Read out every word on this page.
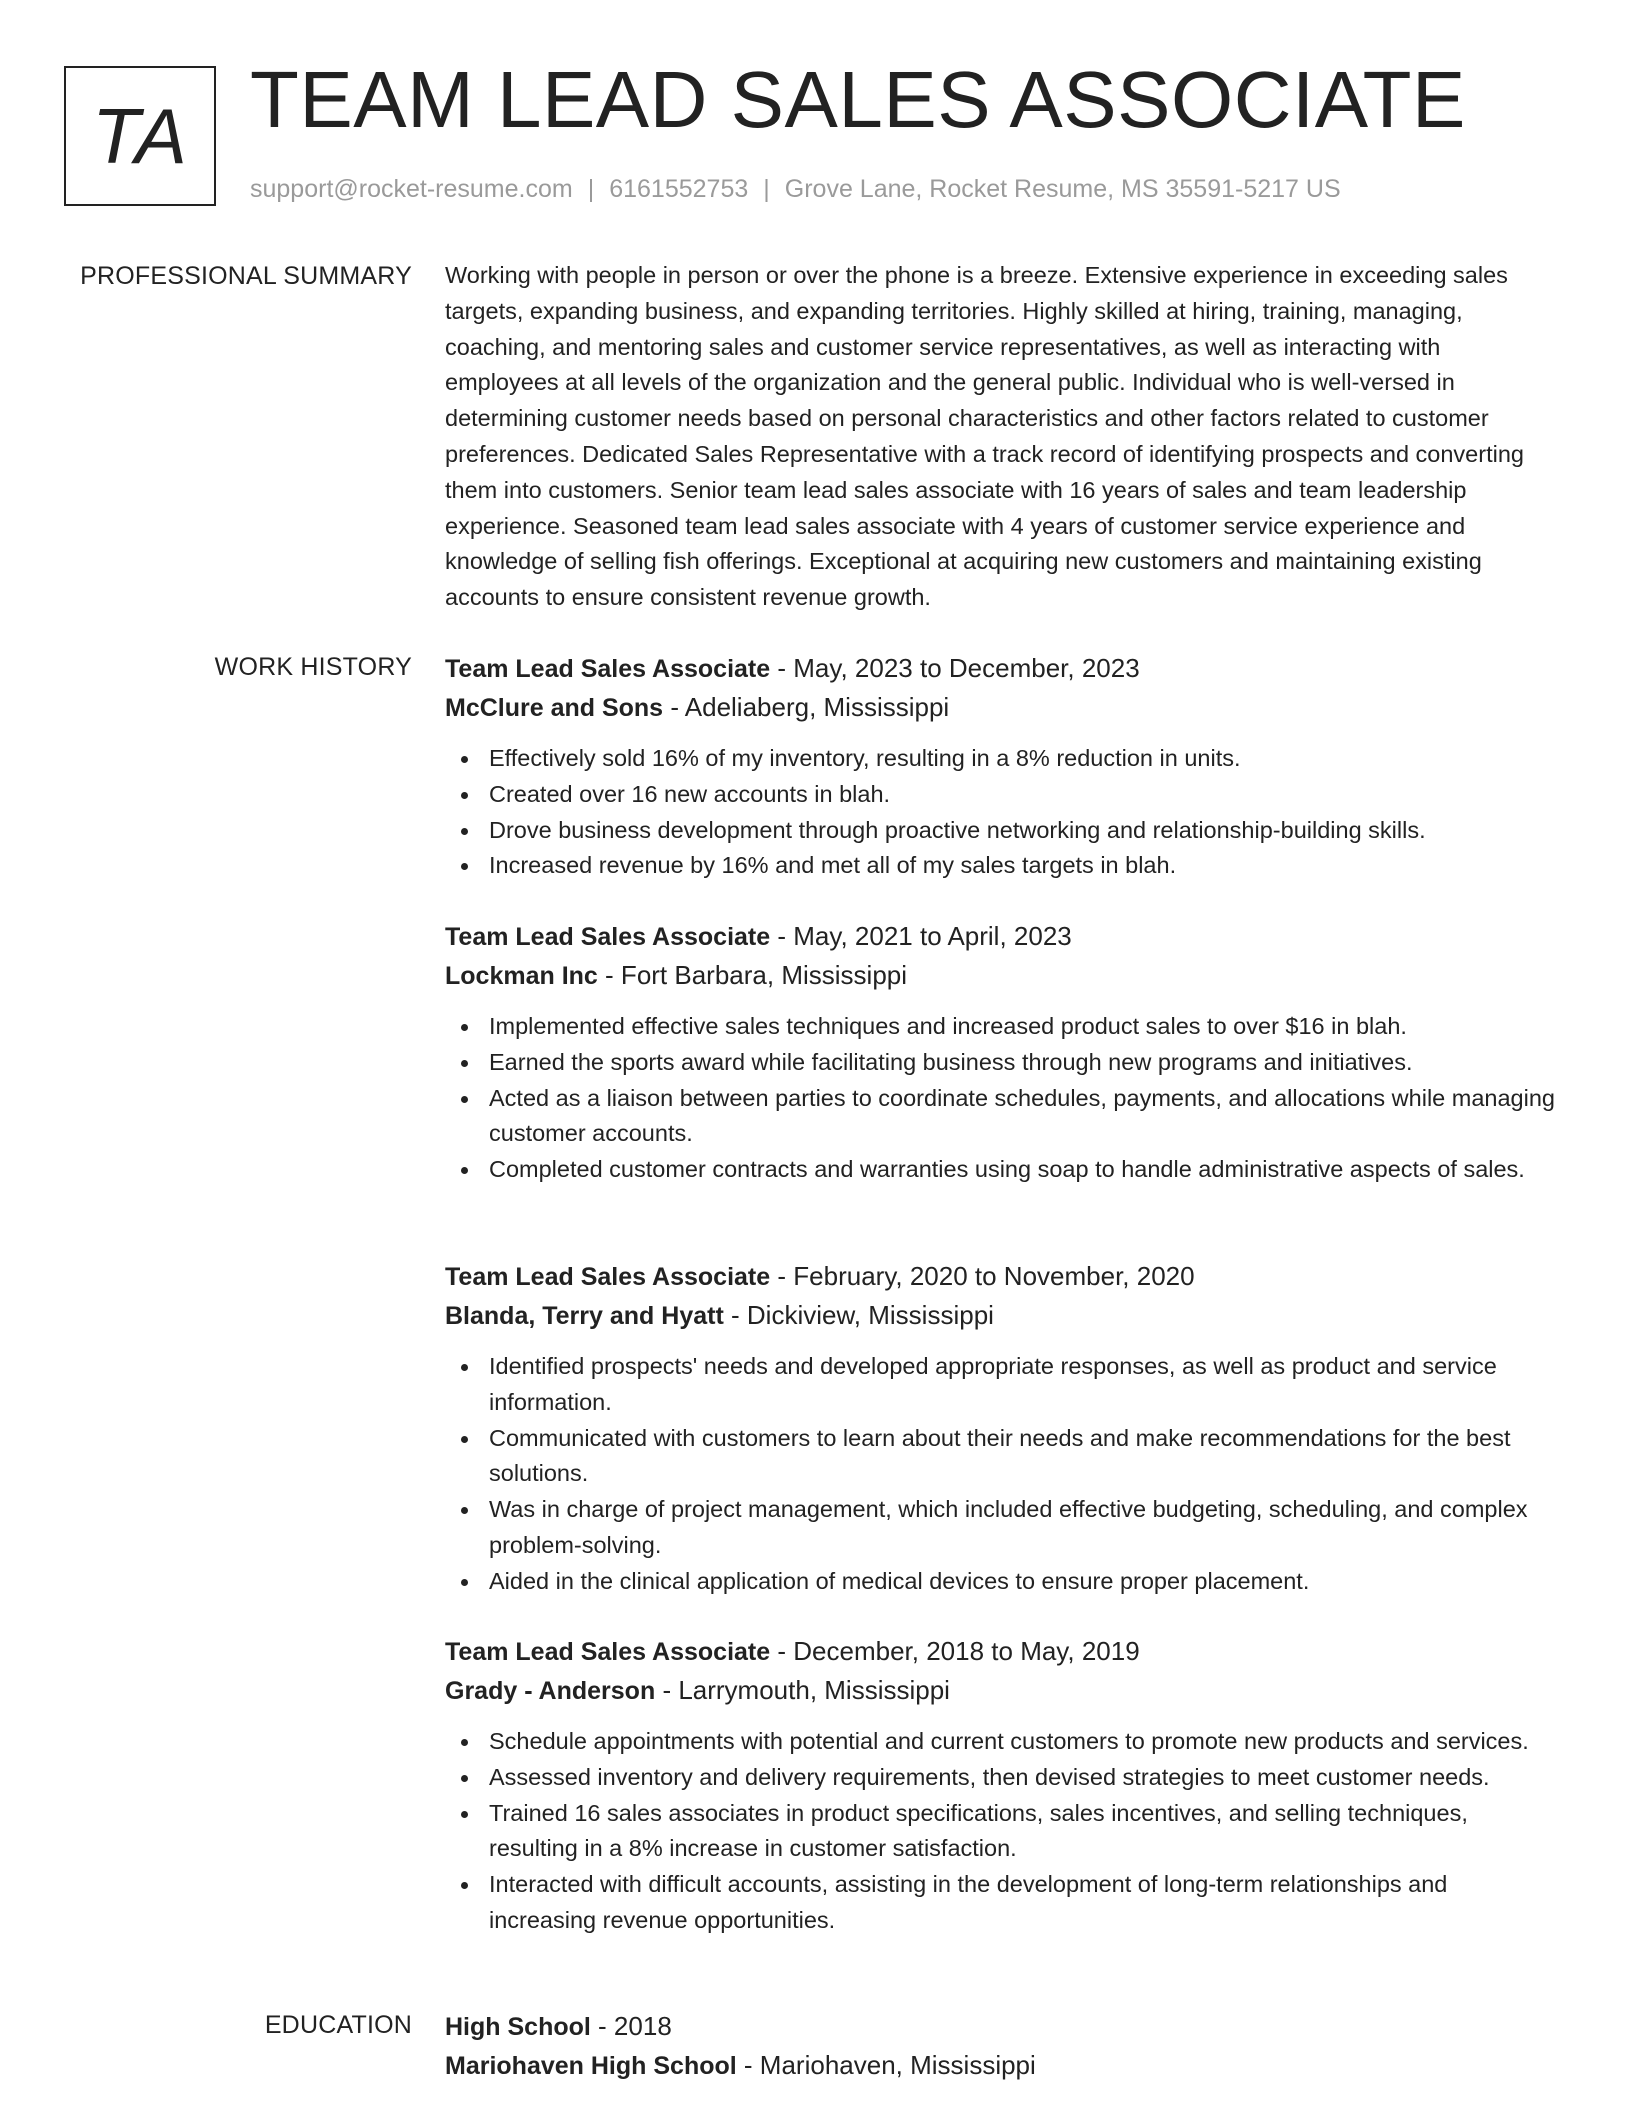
TA TEAM LEAD SALES ASSOCIATE
support@rocket-resume.com | 6161552753 | Grove Lane, Rocket Resume, MS 35591-5217 US
PROFESSIONAL SUMMARY Working with people in person or over the phone is a breeze. Extensive experience in exceeding sales targets, expanding business, and expanding territories. Highly skilled at hiring, training, managing, coaching, and mentoring sales and customer service representatives, as well as interacting with employees at all levels of the organization and the general public. Individual who is well-versed in determining customer needs based on personal characteristics and other factors related to customer preferences. Dedicated Sales Representative with a track record of identifying prospects and converting them into customers. Senior team lead sales associate with 16 years of sales and team leadership experience. Seasoned team lead sales associate with 4 years of customer service experience and knowledge of selling fish offerings. Exceptional at acquiring new customers and maintaining existing accounts to ensure consistent revenue growth.

WORK HISTORY Team Lead Sales Associate - May, 2023 to December, 2023
McClure and Sons - Adeliaberg, Mississippi
Effectively sold 16% of my inventory, resulting in a 8% reduction in units.
Created over 16 new accounts in blah.
Drove business development through proactive networking and relationship-building skills.
Increased revenue by 16% and met all of my sales targets in blah.
Team Lead Sales Associate - May, 2021 to April, 2023
Lockman Inc - Fort Barbara, Mississippi
Implemented effective sales techniques and increased product sales to over $16 in blah.
Earned the sports award while facilitating business through new programs and initiatives.
Acted as a liaison between parties to coordinate schedules, payments, and allocations while managing customer accounts.
Completed customer contracts and warranties using soap to handle administrative aspects of sales.
Team Lead Sales Associate - February, 2020 to November, 2020
Blanda, Terry and Hyatt - Dickiview, Mississippi
Identified prospects' needs and developed appropriate responses, as well as product and service information.
Communicated with customers to learn about their needs and make recommendations for the best solutions.
Was in charge of project management, which included effective budgeting, scheduling, and complex problem-solving.
Aided in the clinical application of medical devices to ensure proper placement.
Team Lead Sales Associate - December, 2018 to May, 2019
Grady - Anderson - Larrymouth, Mississippi
Schedule appointments with potential and current customers to promote new products and services.
Assessed inventory and delivery requirements, then devised strategies to meet customer needs.
Trained 16 sales associates in product specifications, sales incentives, and selling techniques, resulting in a 8% increase in customer satisfaction.
Interacted with difficult accounts, assisting in the development of long-term relationships and increasing revenue opportunities.
EDUCATION High School - 2018
Mariohaven High School - Mariohaven, Mississippi
